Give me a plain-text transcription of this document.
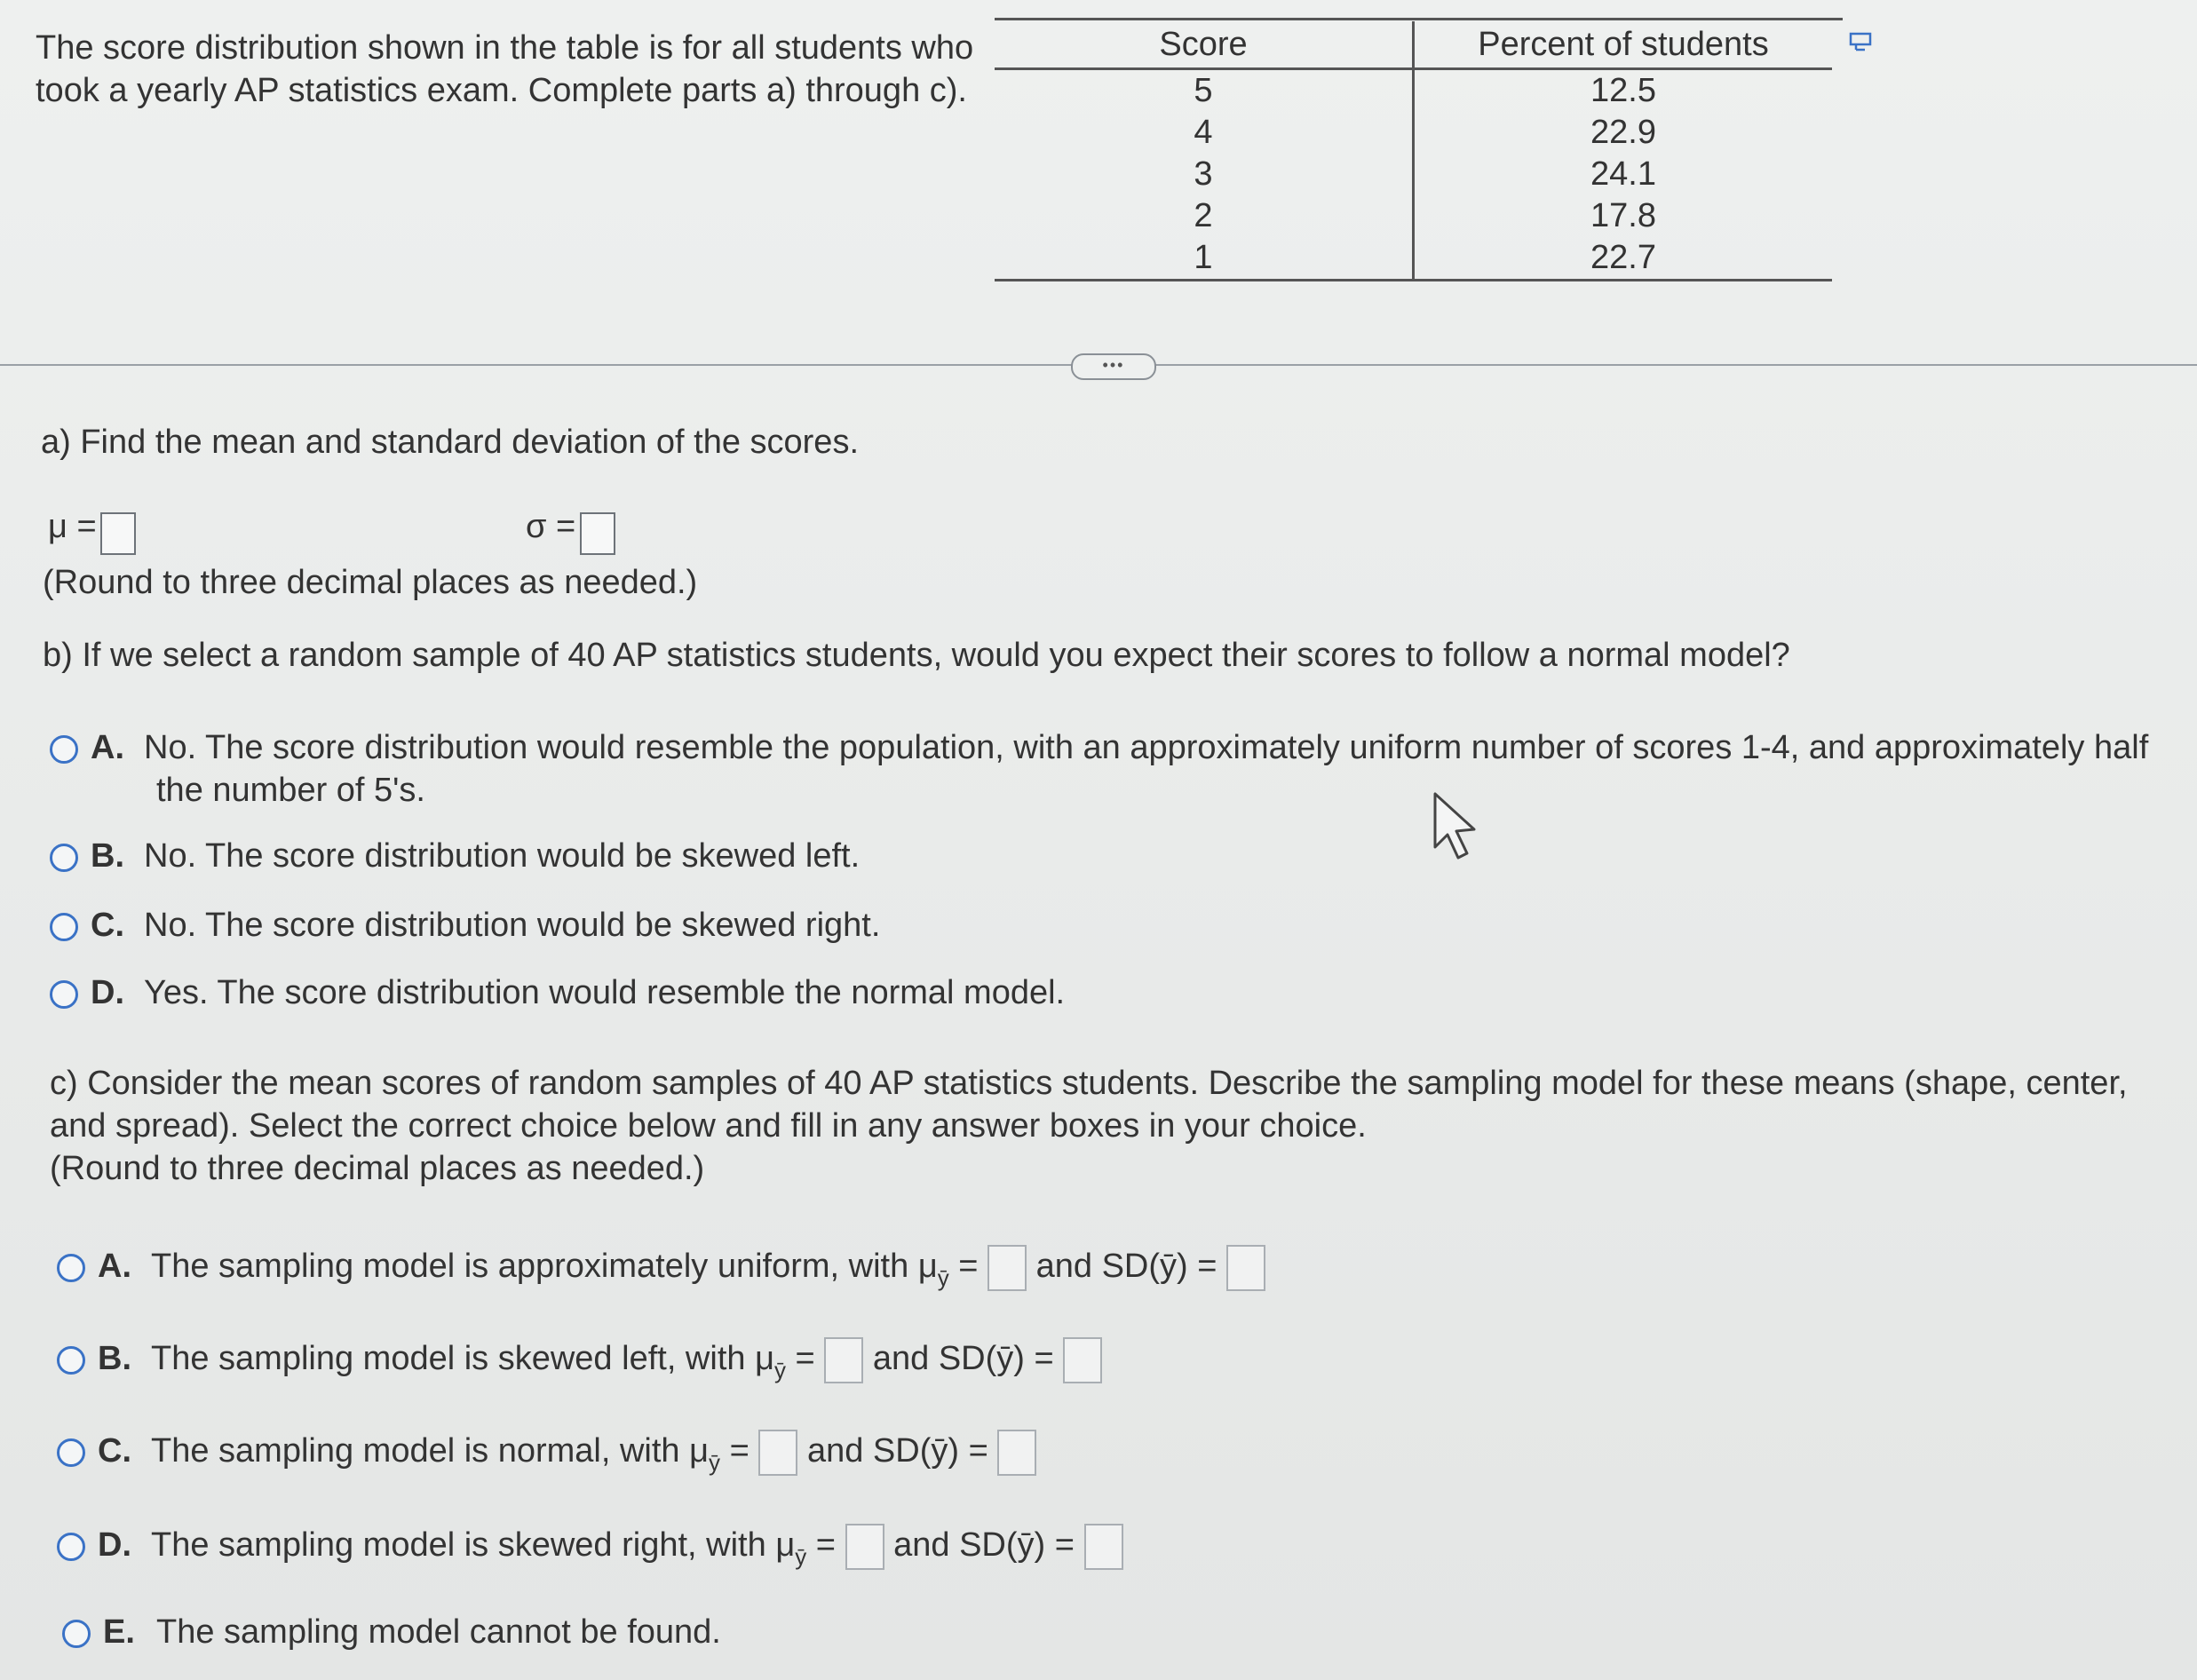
The score distribution shown in the table is for all students who
took a yearly AP statistics exam. Complete parts a) through c).
Score	Percent of students
5	12.5
4	22.9
3	24.1
2	17.8
1	22.7
•••
a) Find the mean and standard deviation of the scores.
μ =	σ =
(Round to three decimal places as needed.)
b) If we select a random sample of 40 AP statistics students, would you expect their scores to follow a normal model?
A. No. The score distribution would resemble the population, with an approximately uniform number of scores 1-4, and approximately half
the number of 5's.
B. No. The score distribution would be skewed left.
C. No. The score distribution would be skewed right.
D. Yes. The score distribution would resemble the normal model.
c) Consider the mean scores of random samples of 40 AP statistics students. Describe the sampling model for these means (shape, center,
and spread). Select the correct choice below and fill in any answer boxes in your choice.
(Round to three decimal places as needed.)
A. The sampling model is approximately uniform, with $\mu_ȳ$ = and SD(ȳ) =
B. The sampling model is skewed left, with $\mu_ȳ$ = and SD(ȳ) =
C. The sampling model is normal, with $\mu_ȳ$ = and SD(ȳ) =
D. The sampling model is skewed right, with $\mu_ȳ$ = and SD(ȳ) =
E. The sampling model cannot be found.
